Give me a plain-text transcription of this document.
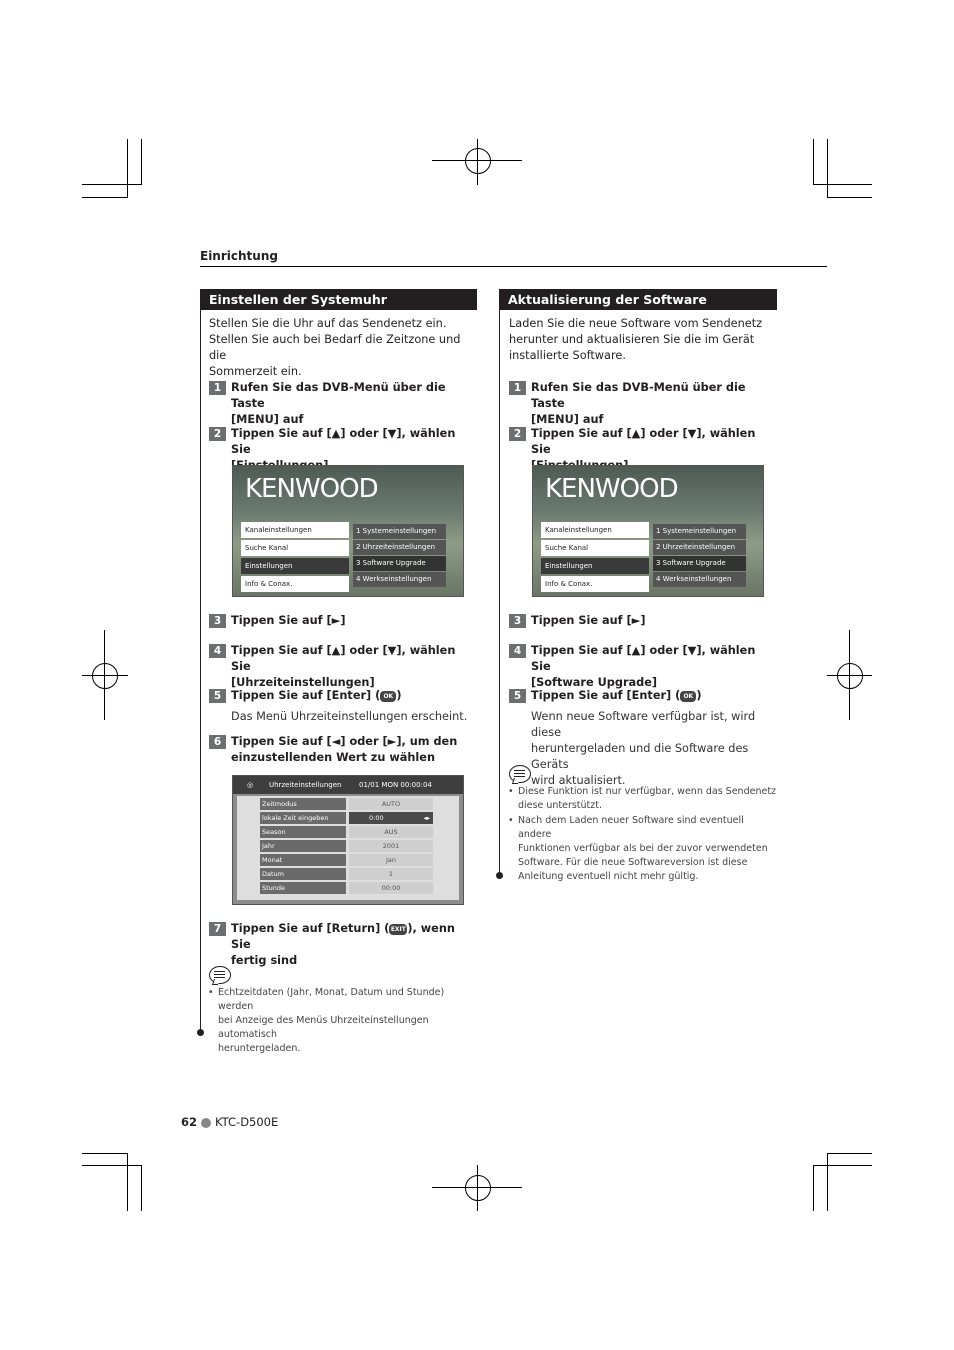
Einrichtung
Einstellen der Systemuhr
Stellen Sie die Uhr auf das Sendenetz ein.
Stellen Sie auch bei Bedarf die Zeitzone und die
Sommerzeit ein.
1 Rufen Sie das DVB-Menü über die Taste
[MENU] auf
2 Tippen Sie auf [▲] oder [▼], wählen Sie
KENWOOD
Kanaleinstellungen
Suche Kanal
Einstellungen
Info & Conax.
1 Systemeinstellungen
2 Uhrzeiteinstellungen
3 Software Upgrade
4 Werkseinstellungen
3 Tippen Sie auf [►]
4 Tippen Sie auf [▲] oder [▼], wählen Sie
[Uhrzeiteinstellungen]
5 Tippen Sie auf [Enter] ( OK )
Das Menü Uhrzeiteinstellungen erscheint.
6 Tippen Sie auf [◄] oder [►], um den
einzustellenden Wert zu wählen
◎ Uhrzeiteinstellungen	01/01 MON 00:00:04
Zeitmodus	AUTO
lokale Zeit eingeben	0:00	◂▸
Season	AUS
Jahr	2001
Monat	Jan
Datum	1
Stunde	00:00
7 Tippen Sie auf [Return] (EXIT), wenn Sie
fertig sind
• Echtzeitdaten (Jahr, Monat, Datum und Stunde) werden
bei Anzeige des Menüs Uhrzeiteinstellungen automatisch
heruntergeladen.
Aktualisierung der Software
Laden Sie die neue Software vom Sendenetz
herunter und aktualisieren Sie die im Gerät
installierte Software.
1 Rufen Sie das DVB-Menü über die Taste
[MENU] auf
2 Tippen Sie auf [▲] oder [▼], wählen Sie
KENWOOD
Kanaleinstellungen
Suche Kanal
Einstellungen
Info & Conax.
1 Systemeinstellungen
2 Uhrzeiteinstellungen
3 Software Upgrade
4 Werkseinstellungen
3 Tippen Sie auf [►]
4 Tippen Sie auf [▲] oder [▼], wählen Sie
[Software Upgrade]
5 Tippen Sie auf [Enter] ( OK )
Wenn neue Software verfügbar ist, wird diese
heruntergeladen und die Software des Geräts
wird aktualisiert.
• Diese Funktion ist nur verfügbar, wenn das Sendenetz
diese unterstützt.
• Nach dem Laden neuer Software sind eventuell andere
Funktionen verfügbar als bei der zuvor verwendeten
Software. Für die neue Softwareversion ist diese
Anleitung eventuell nicht mehr gültig.
62 KTC-D500E
